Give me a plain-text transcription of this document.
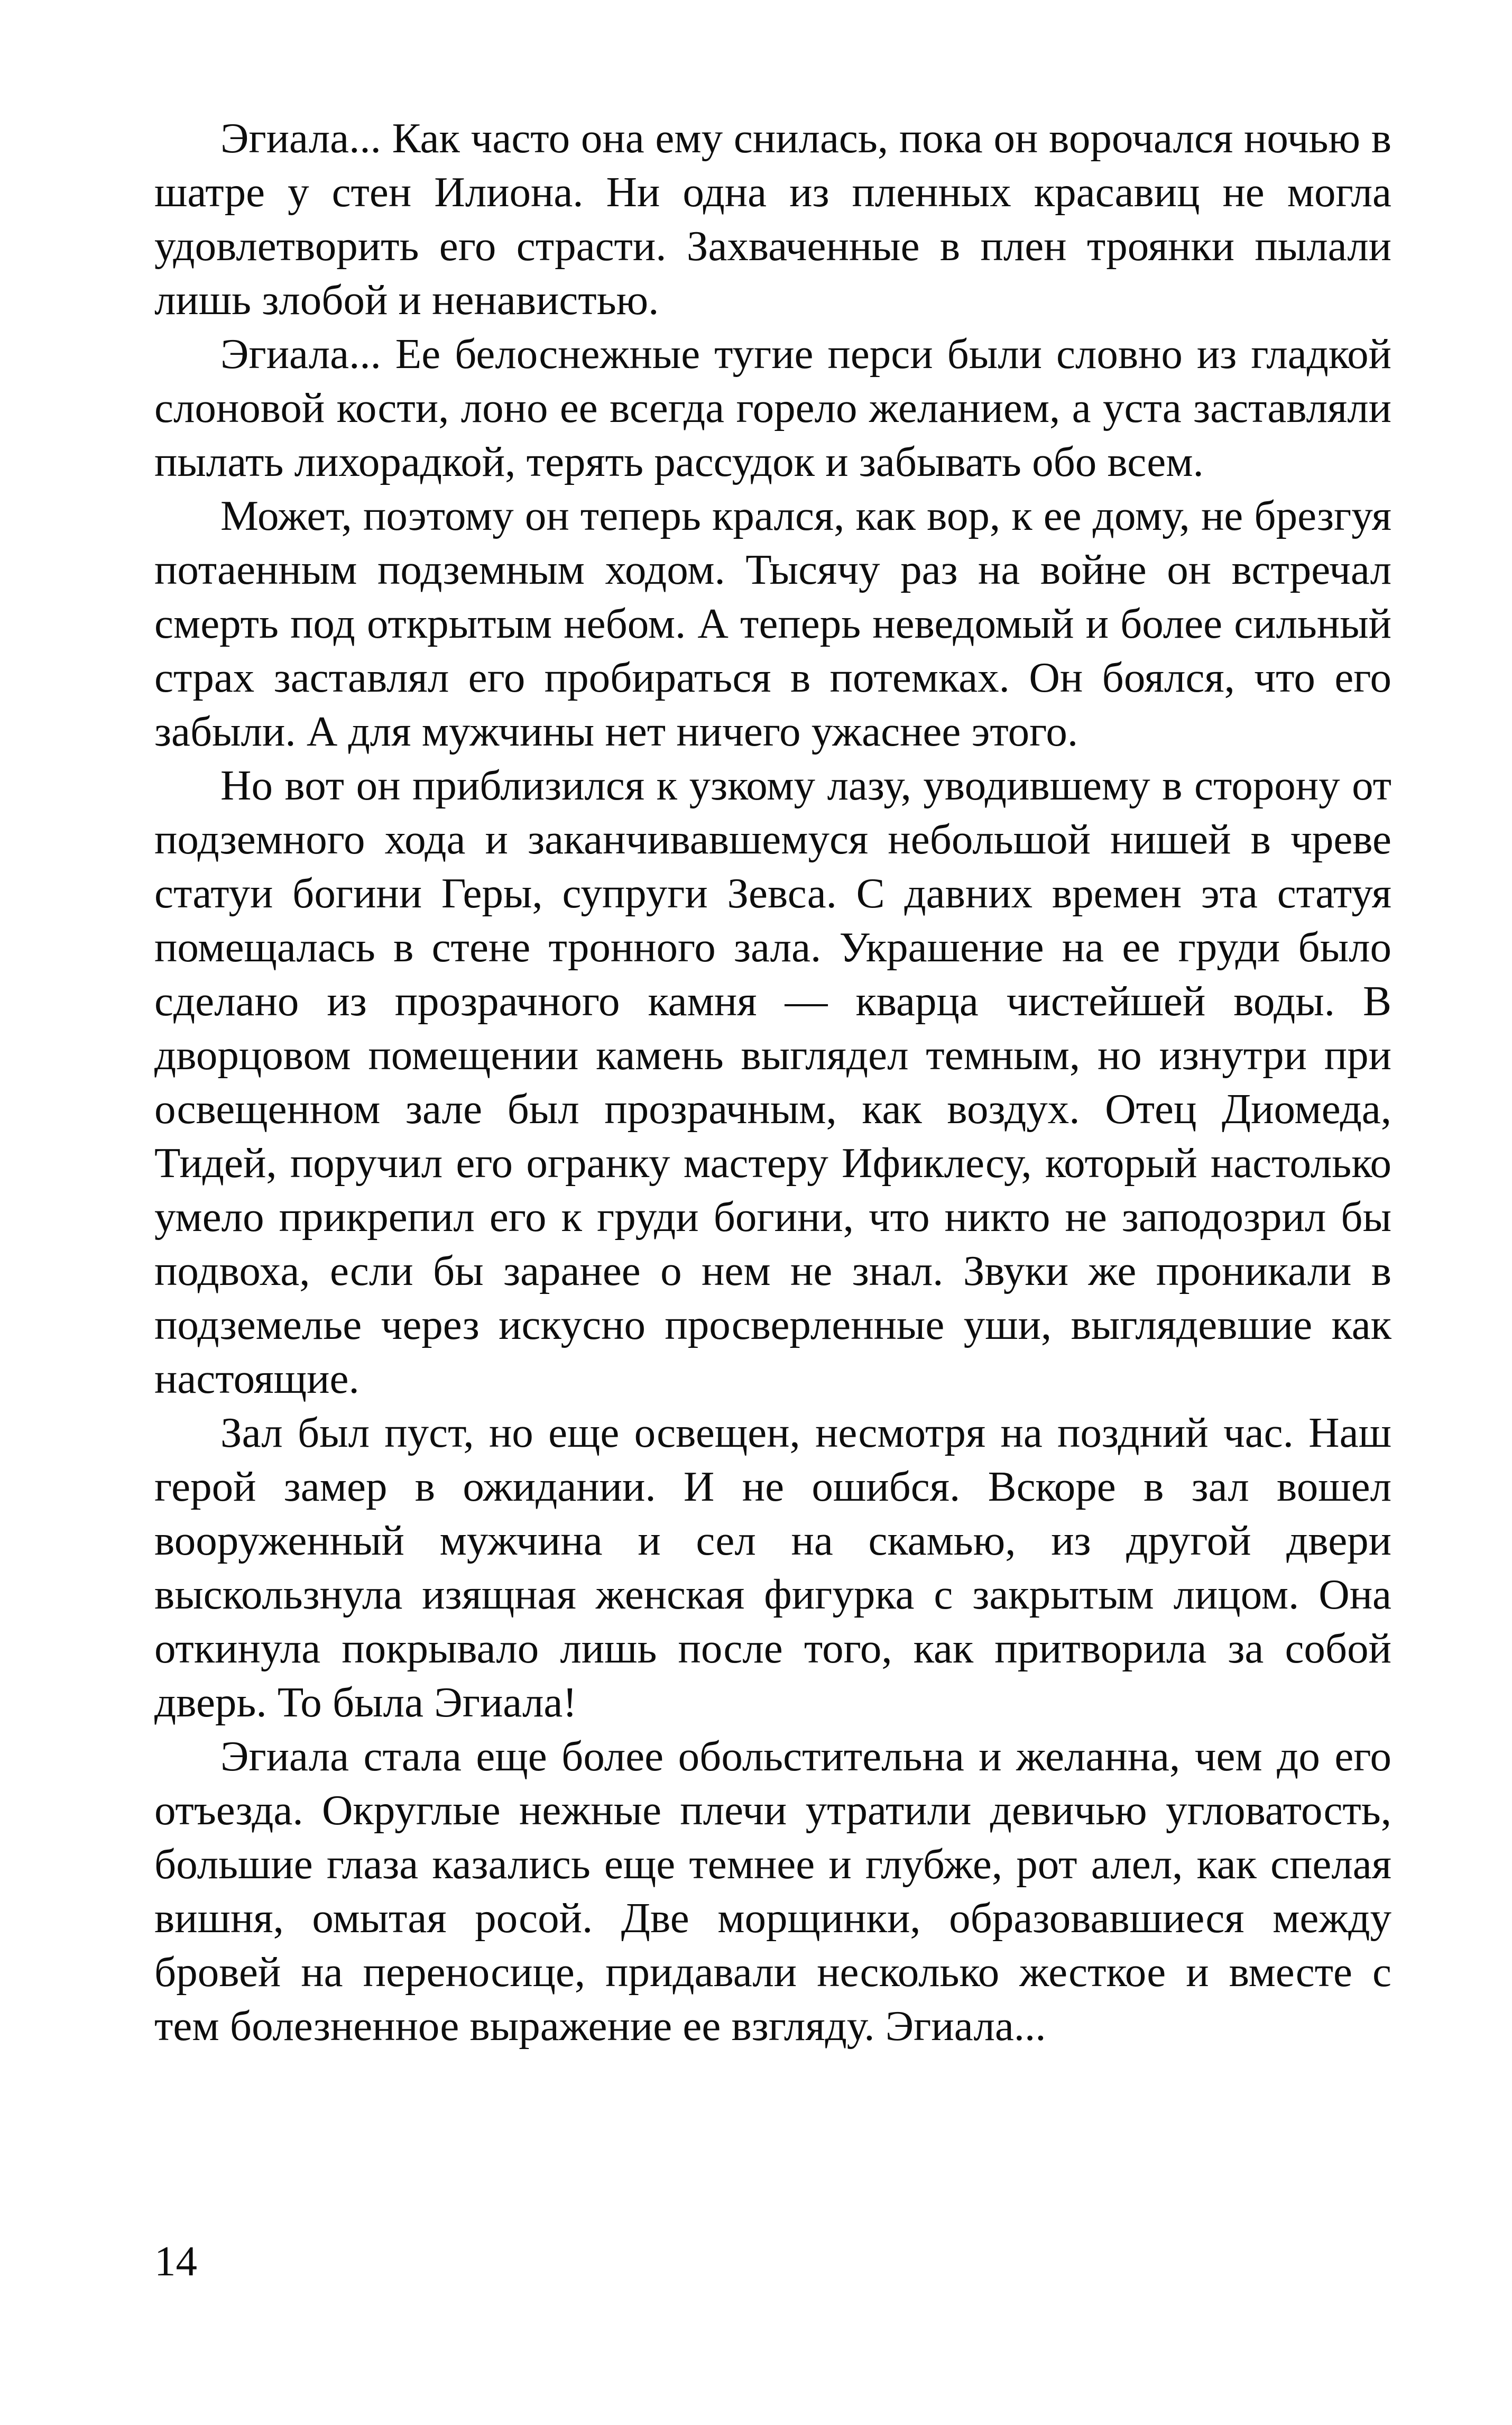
Эгиала... Как часто она ему снилась, пока он ворочался ночью в шатре у стен Илиона. Ни одна из пленных красавиц не могла удовлетворить его страсти. Захваченные в плен троянки пылали лишь злобой и ненавистью.

Эгиала... Ее белоснежные тугие перси были словно из гладкой слоновой кости, лоно ее всегда горело желанием, а уста заставляли пылать лихорадкой, терять рассудок и забывать обо всем.

Может, поэтому он теперь крался, как вор, к ее дому, не брезгуя потаенным подземным ходом. Тысячу раз на войне он встречал смерть под открытым небом. А теперь неведомый и более сильный страх заставлял его пробираться в потемках. Он боялся, что его забыли. А для мужчины нет ничего ужаснее этого.

Но вот он приблизился к узкому лазу, уводившему в сторону от подземного хода и заканчивавшемуся небольшой нишей в чреве статуи богини Геры, супруги Зевса. С давних времен эта статуя помещалась в стене тронного зала. Украшение на ее груди было сделано из прозрачного камня — кварца чистейшей воды. В дворцовом помещении камень выглядел темным, но изнутри при освещенном зале был прозрачным, как воздух. Отец Диомеда, Тидей, поручил его огранку мастеру Ификлесу, который настолько умело прикрепил его к груди богини, что никто не заподозрил бы подвоха, если бы заранее о нем не знал. Звуки же проникали в подземелье через искусно просверленные уши, выглядевшие как настоящие.

Зал был пуст, но еще освещен, несмотря на поздний час. Наш герой замер в ожидании. И не ошибся. Вскоре в зал вошел вооруженный мужчина и сел на скамью, из другой двери выскользнула изящная женская фигурка с закрытым лицом. Она откинула покрывало лишь после того, как притворила за собой дверь. То была Эгиала!

Эгиала стала еще более обольстительна и желанна, чем до его отъезда. Округлые нежные плечи утратили девичью угловатость, большие глаза казались еще темнее и глубже, рот алел, как спелая вишня, омытая росой. Две морщинки, образовавшиеся между бровей на переносице, придавали несколько жесткое и вместе с тем болезненное выражение ее взгляду. Эгиала...

14
